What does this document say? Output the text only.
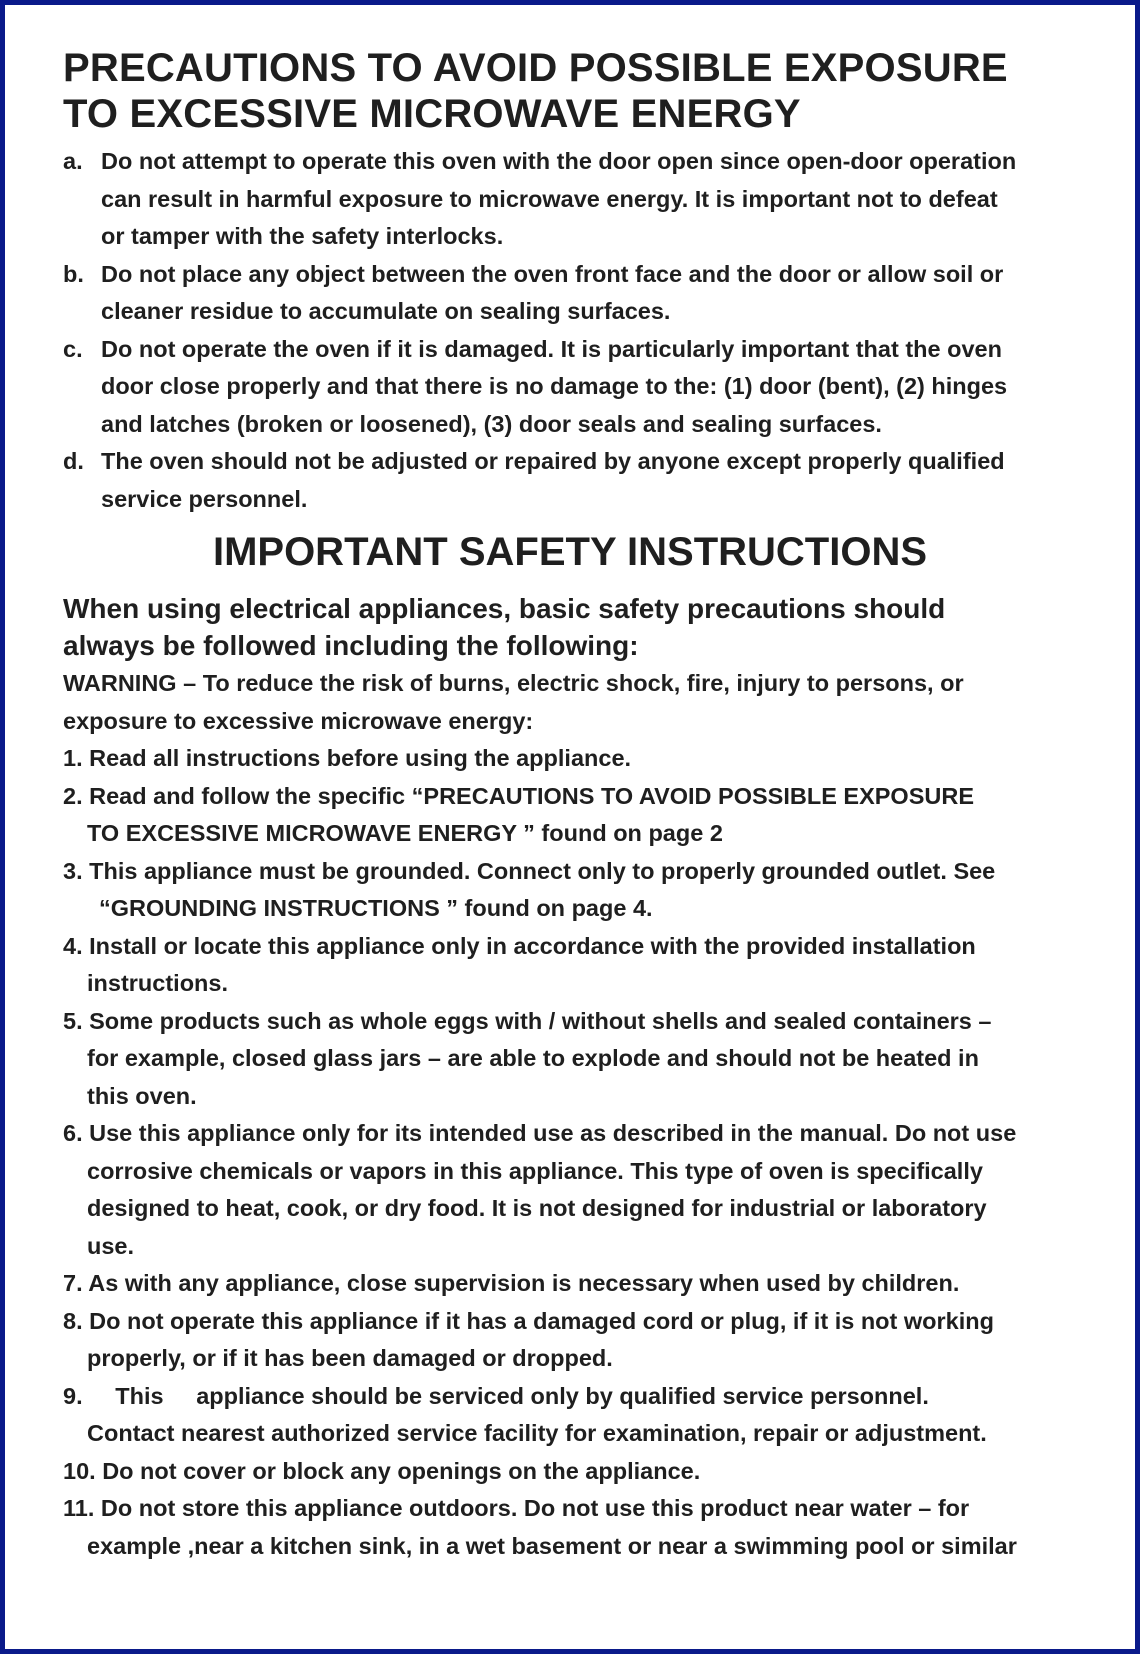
PRECAUTIONS TO AVOID POSSIBLE EXPOSURE
TO EXCESSIVE MICROWAVE ENERGY
a. Do not attempt to operate this oven with the door open since open-door operation
can result in harmful exposure to microwave energy. It is important not to defeat
or tamper with the safety interlocks.
b. Do not place any object between the oven front face and the door or allow soil or
cleaner residue to accumulate on sealing surfaces.
c. Do not operate the oven if it is damaged. It is particularly important that the oven
door close properly and that there is no damage to the: (1) door (bent), (2) hinges
and latches (broken or loosened), (3) door seals and sealing surfaces.
d. The oven should not be adjusted or repaired by anyone except properly qualified
service personnel.
IMPORTANT SAFETY INSTRUCTIONS

When using electrical appliances, basic safety precautions should
always be followed including the following:

WARNING – To reduce the risk of burns, electric shock, fire, injury to persons, or
exposure to excessive microwave energy:

1. Read all instructions before using the appliance.
2. Read and follow the specific “PRECAUTIONS TO AVOID POSSIBLE EXPOSURE
TO EXCESSIVE MICROWAVE ENERGY ” found on page 2
3. This appliance must be grounded. Connect only to properly grounded outlet. See
“GROUNDING INSTRUCTIONS ” found on page 4.
4. Install or locate this appliance only in accordance with the provided installation
instructions.
5. Some products such as whole eggs with / without shells and sealed containers –
for example, closed glass jars – are able to explode and should not be heated in
this oven.
6. Use this appliance only for its intended use as described in the manual. Do not use
corrosive chemicals or vapors in this appliance. This type of oven is specifically
designed to heat, cook, or dry food. It is not designed for industrial or laboratory
use.
7. As with any appliance, close supervision is necessary when used by children.
8. Do not operate this appliance if it has a damaged cord or plug, if it is not working
properly, or if it has been damaged or dropped.
9.     This     appliance should be serviced only by qualified service personnel.
Contact nearest authorized service facility for examination, repair or adjustment.
10. Do not cover or block any openings on the appliance.
11. Do not store this appliance outdoors. Do not use this product near water – for
example ,near a kitchen sink, in a wet basement or near a swimming pool or similar
